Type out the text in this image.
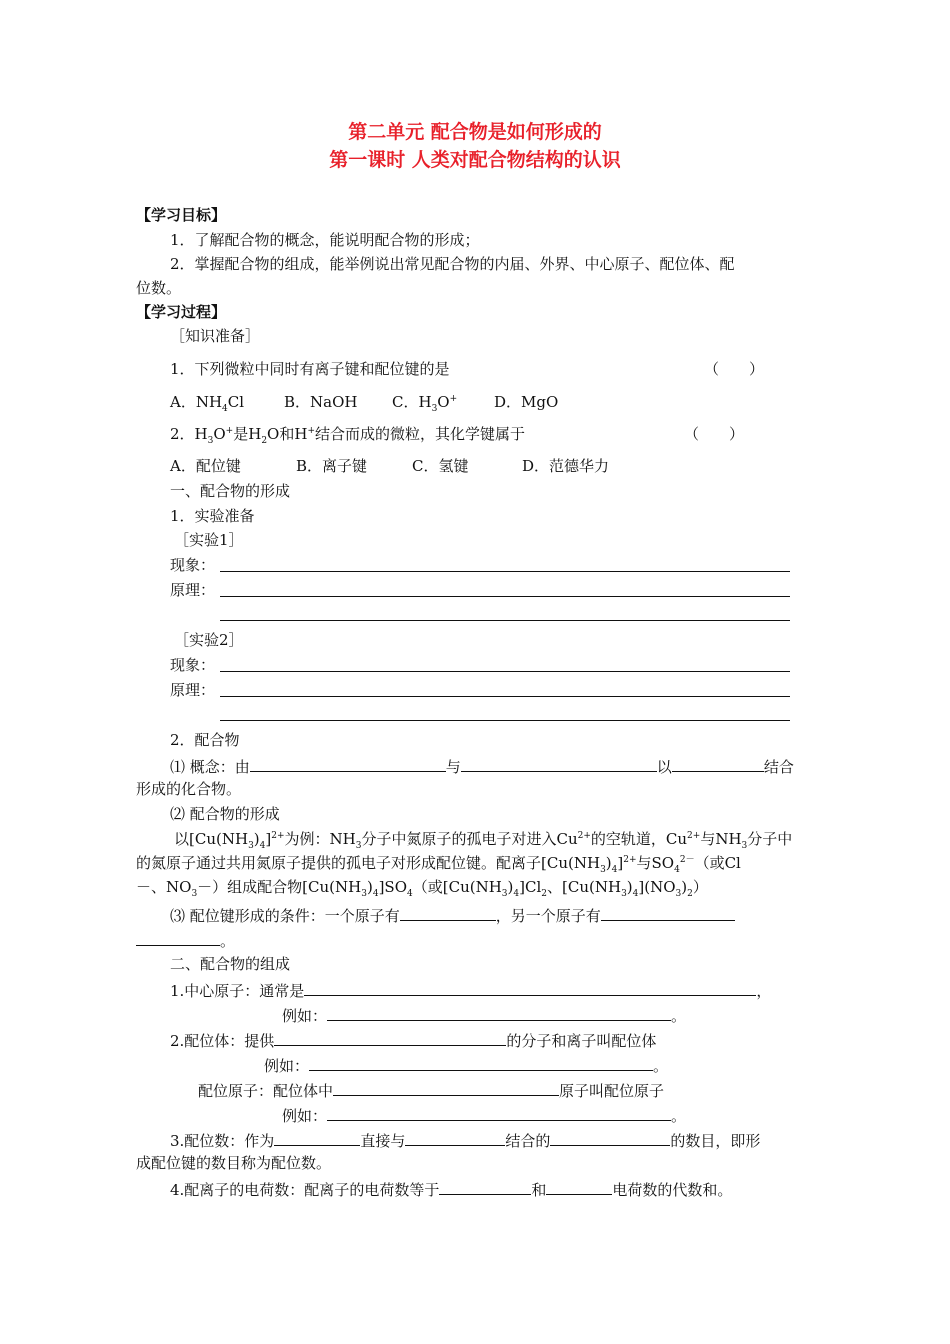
第二单元 配合物是如何形成的
第一课时 人类对配合物结构的认识
【学习目标】
1．了解配合物的概念，能说明配合物的形成；
2．掌握配合物的组成，能举例说出常见配合物的内届、外界、中心原子、配位体、配
位数。
【学习过程】
［知识准备］
1．下列微粒中同时有离子键和配位键的是	（　　）
A．$NH_4Cl$	B．NaOH C．$H_3O^+$ D．MgO
2．$H_3O^+$是$H_2O$和H+结合而成的微粒，其化学键属于	（　　）
A．配位键	B．离子键	C．氢键	D．范德华力
一、配合物的形成
1．实验准备
［实验1］
现象：
原理：
［实验2］
现象：
原理：
2．配合物
⑴ 概念：由	与	以	结合
形成的化合物。
⑵ 配合物的形成
以$[Cu(NH_3)_4]^{2+}$为例：$NH_3$分子中氮原子的孤电子对进入$Cu^{2+}$的空轨道，$Cu^{2+}$与$NH_3$分子中
的氮原子通过共用氮原子提供的孤电子对形成配位键。配离子$[Cu(NH_3)_4]^{2+}$与$SO_4^{2-}$（或Cl
－、$NO_3-$）组成配合物$[Cu(NH_3)_4]SO_4$（或$[Cu(NH_3)_4]Cl_2$、$[Cu(NH_3)_4](NO_3)_2$）
⑶ 配位键形成的条件：一个原子有	，另一个原子有
。
二、配合物的组成
1.中心原子：通常是	，
例如：	。
2.配位体：提供	的分子和离子叫配位体
例如：	。
配位原子：配位体中	原子叫配位原子
例如：	。
3.配位数：作为	直接与	结合的	的数目，即形
成配位键的数目称为配位数。
4.配离子的电荷数：配离子的电荷数等于	和	电荷数的代数和。
